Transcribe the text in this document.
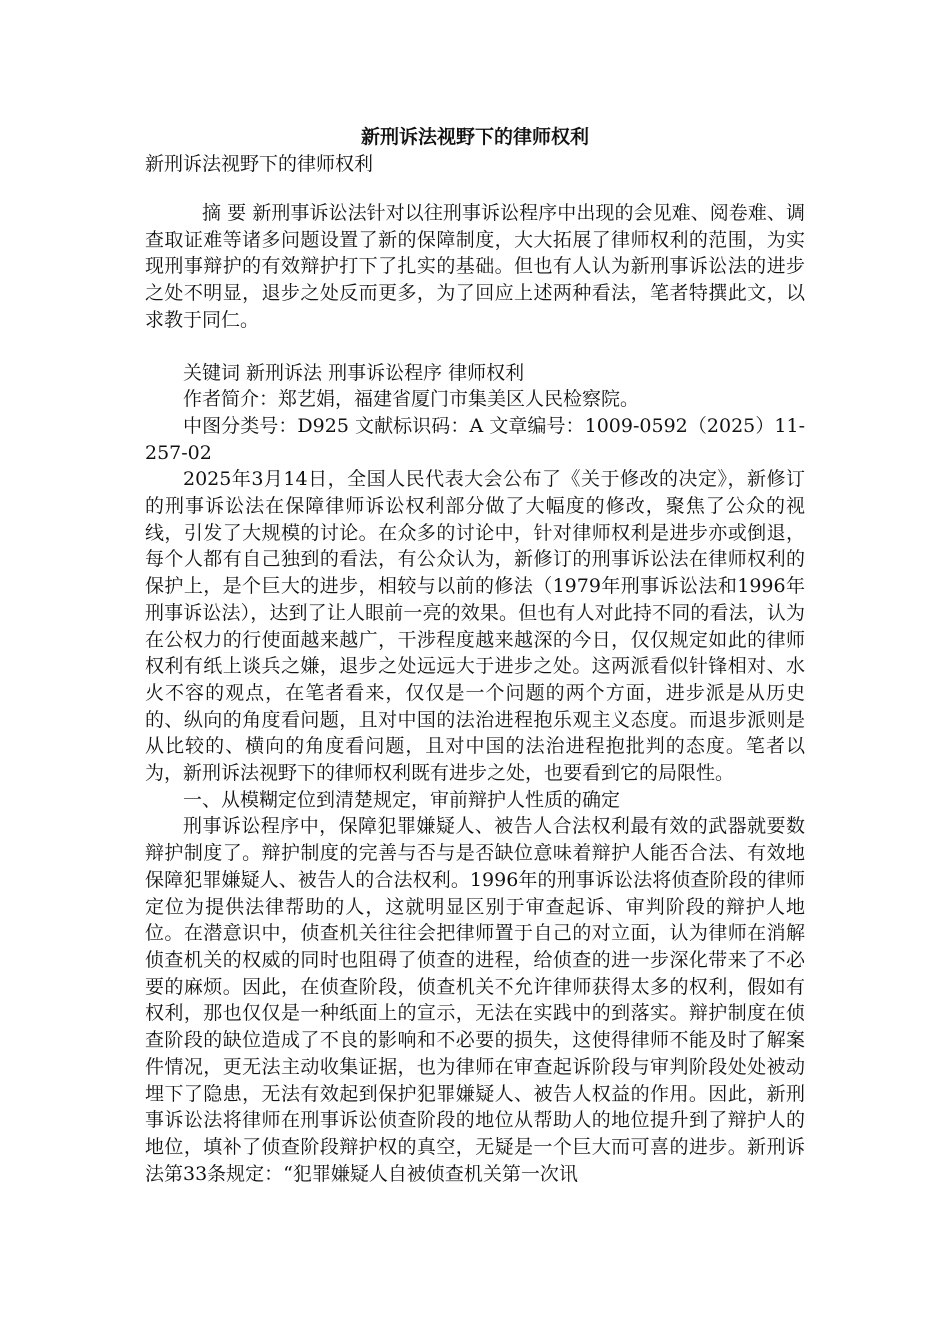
新刑诉法视野下的律师权利
新刑诉法视野下的律师权利

摘 要 新刑事诉讼法针对以往刑事诉讼程序中出现的会见难、阅卷难、调查取证难等诸多问题设置了新的保障制度，大大拓展了律师权利的范围，为实现刑事辩护的有效辩护打下了扎实的基础。但也有人认为新刑事诉讼法的进步之处不明显，退步之处反而更多，为了回应上述两种看法，笔者特撰此文，以求教于同仁。

关键词 新刑诉法 刑事诉讼程序 律师权利

作者简介：郑艺娟，福建省厦门市集美区人民检察院。

中图分类号：D925 文献标识码：A 文章编号：1009-0592（2025）11-257-02

2025年3月14日，全国人民代表大会公布了《关于修改的决定》，新修订的刑事诉讼法在保障律师诉讼权利部分做了大幅度的修改，聚焦了公众的视线，引发了大规模的讨论。在众多的讨论中，针对律师权利是进步亦或倒退，每个人都有自己独到的看法，有公众认为，新修订的刑事诉讼法在律师权利的保护上，是个巨大的进步，相较与以前的修法（1979年刑事诉讼法和1996年刑事诉讼法），达到了让人眼前一亮的效果。但也有人对此持不同的看法，认为在公权力的行使面越来越广，干涉程度越来越深的今日，仅仅规定如此的律师权利有纸上谈兵之嫌，退步之处远远大于进步之处。这两派看似针锋相对、水火不容的观点，在笔者看来，仅仅是一个问题的两个方面，进步派是从历史的、纵向的角度看问题，且对中国的法治进程抱乐观主义态度。而退步派则是从比较的、横向的角度看问题，且对中国的法治进程抱批判的态度。笔者以为，新刑诉法视野下的律师权利既有进步之处，也要看到它的局限性。

一、从模糊定位到清楚规定，审前辩护人性质的确定

刑事诉讼程序中，保障犯罪嫌疑人、被告人合法权利最有效的武器就要数辩护制度了。辩护制度的完善与否与是否缺位意味着辩护人能否合法、有效地保障犯罪嫌疑人、被告人的合法权利。1996年的刑事诉讼法将侦查阶段的律师定位为提供法律帮助的人，这就明显区别于审查起诉、审判阶段的辩护人地位。在潜意识中，侦查机关往往会把律师置于自己的对立面，认为律师在消解侦查机关的权威的同时也阻碍了侦查的进程，给侦查的进一步深化带来了不必要的麻烦。因此，在侦查阶段，侦查机关不允许律师获得太多的权利，假如有权利，那也仅仅是一种纸面上的宣示，无法在实践中的到落实。辩护制度在侦查阶段的缺位造成了不良的影响和不必要的损失，这使得律师不能及时了解案件情况，更无法主动收集证据，也为律师在审查起诉阶段与审判阶段处处被动埋下了隐患，无法有效起到保护犯罪嫌疑人、被告人权益的作用。因此，新刑事诉讼法将律师在刑事诉讼侦查阶段的地位从帮助人的地位提升到了辩护人的地位，填补了侦查阶段辩护权的真空，无疑是一个巨大而可喜的进步。新刑诉法第33条规定：“犯罪嫌疑人自被侦查机关第一次讯
